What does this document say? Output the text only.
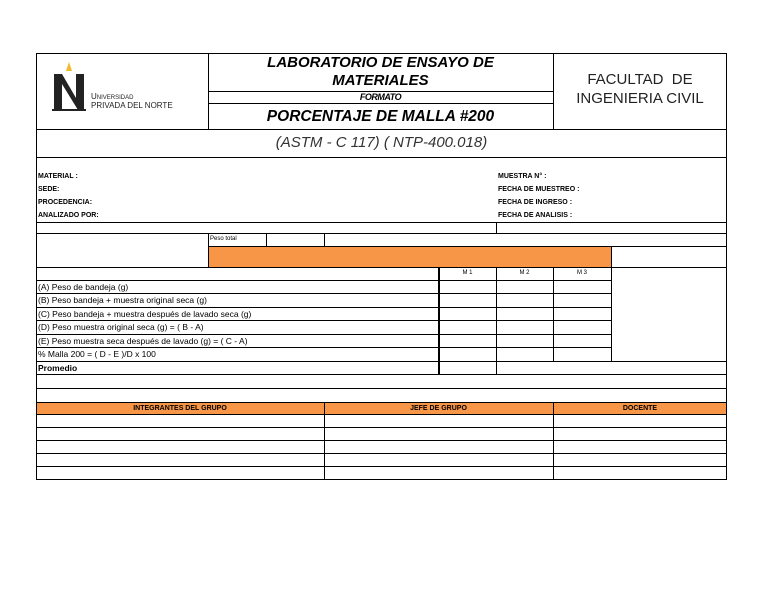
Universidad
PRIVADA DEL NORTE
LABORATORIO DE ENSAYO DE
MATERIALES
FORMATO
PORCENTAJE DE MALLA #200
FACULTAD  DE
INGENIERIA CIVIL
(ASTM - C 117) ( NTP-400.018)
MATERIAL :
SEDE:
PROCEDENCIA:
ANALIZADO POR:
MUESTRA N° :
FECHA DE MUESTREO :
FECHA DE INGRESO :
FECHA DE ANALISIS :
Peso total
M 1	M 2	M 3
(A) Peso de bandeja (g)
(B) Peso bandeja + muestra original seca (g)
(C) Peso bandeja + muestra después de lavado seca (g)
(D) Peso muestra original seca (g) = ( B - A)
(E) Peso muestra seca después de lavado (g) = ( C - A)
% Malla 200 = ( D - E )/D x 100
Promedio
INTEGRANTES DEL GRUPO	JEFE DE GRUPO	DOCENTE
